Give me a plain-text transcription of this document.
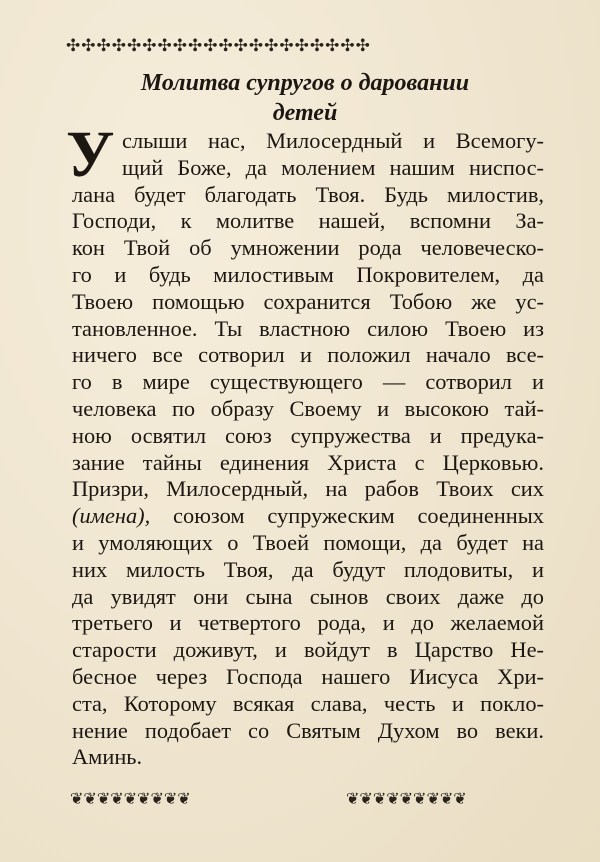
✣✣✣✣✣✣✣✣✣✣✣✣✣✣✣✣✣✣✣✣
Молитва супругов о даровании
детей
У слыши нас, Милосердный и Всемогу-
щий Боже, да молением нашим ниспос-
лана будет благодать Твоя. Будь милостив,
Господи, к молитве нашей, вспомни За-
кон Твой об умножении рода человеческо-
го и будь милостивым Покровителем, да
Твоею помощью сохранится Тобою же ус-
тановленное. Ты властною силою Твоею из
ничего все сотворил и положил начало все-
го в мире существующего — сотворил и
человека по образу Своему и высокою тай-
ною освятил союз супружества и предука-
зание тайны единения Христа с Церковью.
Призри, Милосердный, на рабов Твоих сих
(имена), союзом супружеским соединенных
и умоляющих о Твоей помощи, да будет на
них милость Твоя, да будут плодовиты, и
да увидят они сына сынов своих даже до
третьего и четвертого рода, и до желаемой
старости доживут, и войдут в Царство Не-
бесное через Господа нашего Иисуса Хри-
ста, Которому всякая слава, честь и покло-
нение подобает со Святым Духом во веки.
Аминь.
❦❦❦❦❦❦❦❦❦	❦❦❦❦❦❦❦❦❦
